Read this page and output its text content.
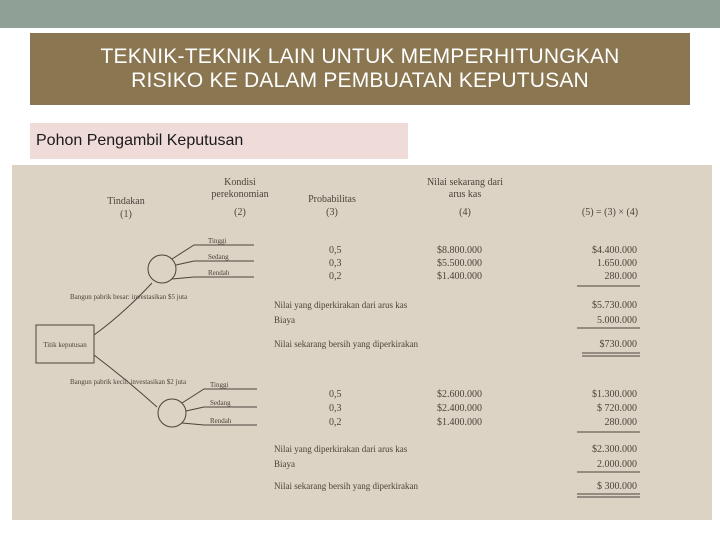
TEKNIK-TEKNIK LAIN UNTUK MEMPERHITUNGKAN
RISIKO KE DALAM PEMBUATAN KEPUTUSAN
Pohon Pengambil Keputusan
Tindakan
(1)
Kondisi
perekonomian
(2)
Probabilitas
(3)
Nilai sekarang dari
arus kas
(4)	(5) = (3) × (4)
Titik keputusan
Bangun pabrik besar: investasikan $5 juta
Bangun pabrik kecil: investasikan $2 juta
Tinggi
Sedang
Rendah
Tinggi
Sedang
Rendah
0,5
0,3
0,2
$8.800.000
$5.500.000
$1.400.000
$4.400.000
1.650.000
280.000
$5.730.000
5.000.000
$730.000
Nilai yang diperkirakan dari arus kas
Biaya
Nilai sekarang bersih yang diperkirakan
0,5
0,3
0,2
$2.600.000
$2.400.000
$1.400.000
$1.300.000
$ 720.000
280.000
$2.300.000
2.000.000
$ 300.000
Nilai yang diperkirakan dari arus kas
Biaya
Nilai sekarang bersih yang diperkirakan
